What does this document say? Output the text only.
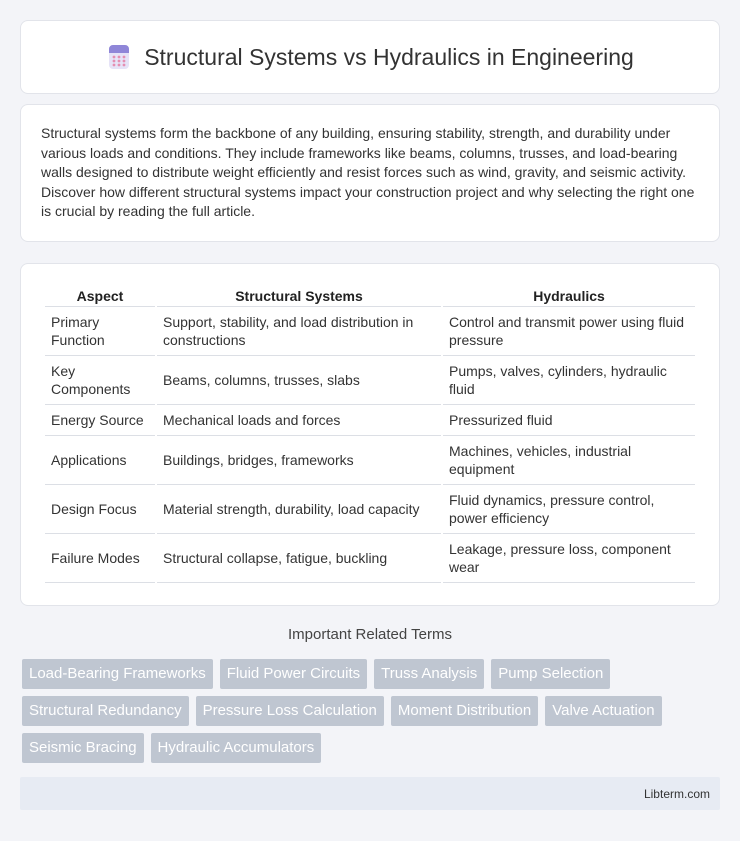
Structural Systems vs Hydraulics in Engineering

Structural systems form the backbone of any building, ensuring stability, strength, and durability under various loads and conditions. They include frameworks like beams, columns, trusses, and load-bearing walls designed to distribute weight efficiently and resist forces such as wind, gravity, and seismic activity. Discover how different structural systems impact your construction project and why selecting the right one is crucial by reading the full article.

Aspect	Structural Systems	Hydraulics
Primary Function	Support, stability, and load distribution in constructions	Control and transmit power using fluid pressure
Key Components	Beams, columns, trusses, slabs	Pumps, valves, cylinders, hydraulic fluid
Energy Source	Mechanical loads and forces	Pressurized fluid
Applications	Buildings, bridges, frameworks	Machines, vehicles, industrial equipment
Design Focus	Material strength, durability, load capacity	Fluid dynamics, pressure control, power efficiency
Failure Modes	Structural collapse, fatigue, buckling	Leakage, pressure loss, component wear
Important Related Terms
Load-Bearing Frameworks	Fluid Power Circuits	Truss Analysis	Pump Selection
Structural Redundancy	Pressure Loss Calculation	Moment Distribution	Valve Actuation
Seismic Bracing	Hydraulic Accumulators
Libterm.com
